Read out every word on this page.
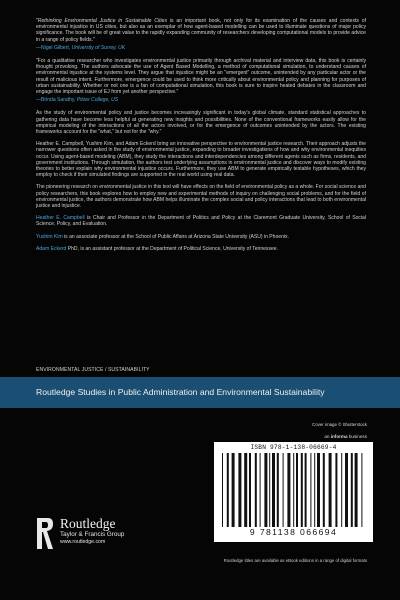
"Rethinking Environmental Justice in Sustainable Cities is an important book, not only for its examination of the causes and contexts of environmental injustice in US cities, but also as an exemplar of how agent-based modelling can be used to illuminate questions of major policy significance. The book will be of great value to the rapidly expanding community of researchers developing computational models to provide advice in a range of policy fields."

—Nigel Gilbert, University of Surrey, UK

"For a qualitative researcher who investigates environmental justice primarily through archival material and interview data, this book is certainly thought provoking. The authors advocate the use of Agent Based Modelling, a method of computational simulation, to understand causes of environmental injustice at the systems level. They argue that injustice might be an "emergent" outcome, unintended by any particular actor or the result of malicious intent. Furthermore, emergence could be used to think more critically about environmental policy and planning for purposes of urban sustainability. Whether or not one is a fan of computational simulation, this book is sure to inspire heated debates in the classroom and engage the important issue of EJ from yet another perspective."

—Brinda Sarathy, Pitzer College, US

As the study of environmental policy and justice becomes increasingly significant in today's global climate, standard statistical approaches to gathering data have become less helpful at generating new insights and possibilities. None of the conventional frameworks easily allow for the empirical modeling of the interactions of all the actors involved, or for the emergence of outcomes unintended by the actors. The existing frameworks account for the "what," but not for the "why."

Heather E. Campbell, Yushim Kim, and Adam Eckerd bring an innovative perspective to environmental justice research. Their approach adjusts the narrower questions often asked in the study of environmental justice, expanding to broader investigations of how and why environmental inequities occur. Using agent-based modeling (ABM), they study the interactions and interdependencies among different agents such as firms, residents, and government institutions. Through simulation, the authors test underlying assumptions in environmental justice and discover ways to modify existing theories to better explain why environmental injustice occurs. Furthermore, they use ABM to generate empirically testable hypotheses, which they employ to check if their simulated findings are supported in the real world using real data.

The pioneering research on environmental justice in this text will have effects on the field of environmental policy as a whole. For social science and policy researchers, this book explores how to employ new and experimental methods of inquiry on challenging social problems, and for the field of environmental justice, the authors demonstrate how ABM helps illuminate the complex social and policy interactions that lead to both environmental justice and injustice.

Heather E. Campbell is Chair and Professor in the Department of Politics and Policy at the Claremont Graduate University, School of Social Science, Policy, and Evaluation.

Yushim Kim is an associate professor at the School of Public Affairs at Arizona State University (ASU) in Phoenix.

Adam Eckerd PhD, is an assistant professor at the Department of Political Science, University of Tennessee.

ENVIRONMENTAL JUSTICE / SUSTAINABILITY
Routledge Studies in Public Administration and Environmental Sustainability
Cover image © Shutterstock
an informa business
ISBN 978-1-138-06669-4
9 781138 066694
Routledge
Taylor & Francis Group
www.routledge.com
Routledge titles are available as eBook editions in a range of digital formats
